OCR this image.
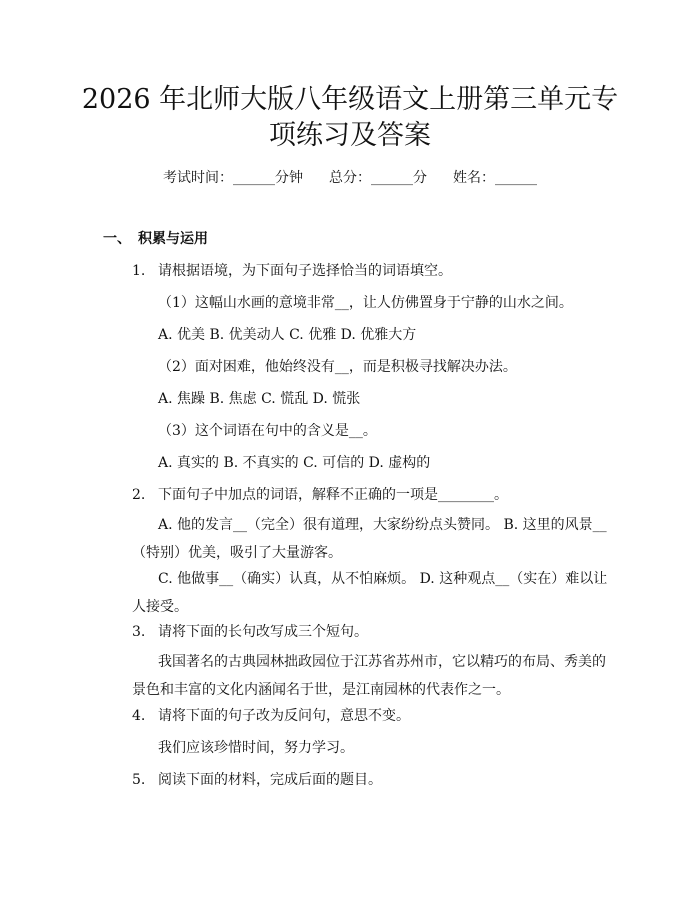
2026 年北师大版八年级语文上册第三单元专
项练习及答案
考试时间：______分钟 总分：______分 姓名：______
一、 积累与运用
1. 请根据语境，为下面句子选择恰当的词语填空。
（1）这幅山水画的意境非常__，让人仿佛置身于宁静的山水之间。
A. 优美 B. 优美动人 C. 优雅 D. 优雅大方
（2）面对困难，他始终没有__，而是积极寻找解决办法。
A. 焦躁 B. 焦虑 C. 慌乱 D. 慌张
（3）这个词语在句中的含义是__。
A. 真实的 B. 不真实的 C. 可信的 D. 虚构的
2. 下面句子中加点的词语，解释不正确的一项是________。
A. 他的发言__（完全）很有道理，大家纷纷点头赞同。 B. 这里的风景__（特别）优美，吸引了大量游客。
C. 他做事__（确实）认真，从不怕麻烦。 D. 这种观点__（实在）难以让人接受。
3. 请将下面的长句改写成三个短句。
我国著名的古典园林拙政园位于江苏省苏州市，它以精巧的布局、秀美的景色和丰富的文化内涵闻名于世，是江南园林的代表作之一。
4. 请将下面的句子改为反问句，意思不变。
我们应该珍惜时间，努力学习。
5. 阅读下面的材料，完成后面的题目。
